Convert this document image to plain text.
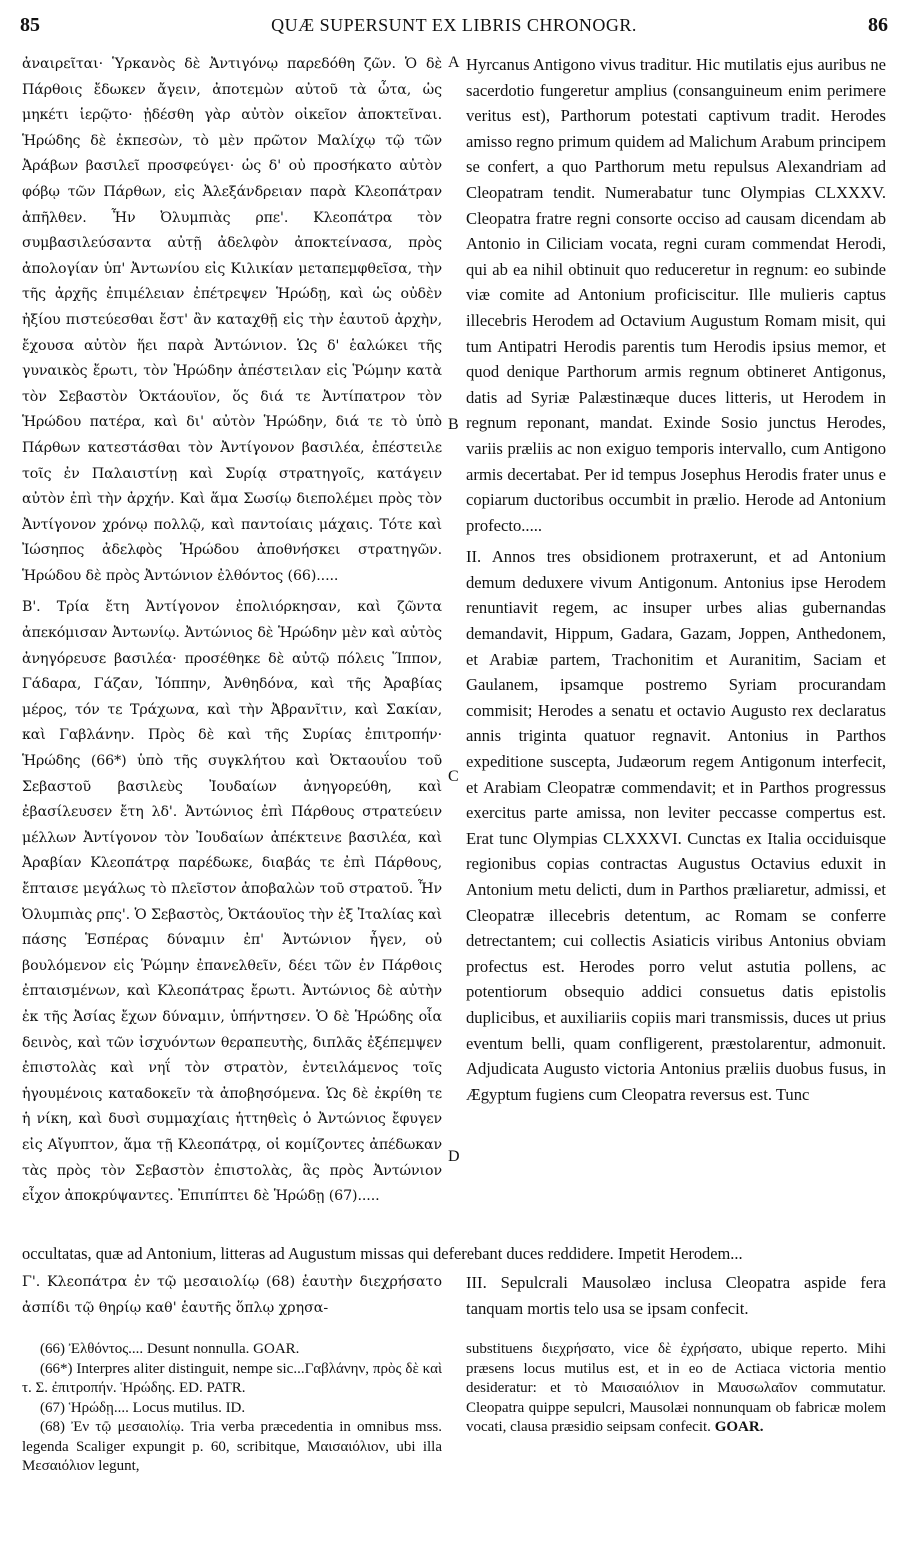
85	QUÆ SUPERSUNT EX LIBRIS CHRONOGR.	86
A
B
C
D

ἀναιρεῖται· Ὑρκανὸς δὲ Ἀντιγόνῳ παρεδόθη ζῶν. Ὁ δὲ Πάρθοις ἔδωκεν ἄγειν, ἀποτεμὼν αὐτοῦ τὰ ὦτα, ὡς μηκέτι ἱερῷτο· ᾐδέσθη γὰρ αὐτὸν οἰκεῖον ἀποκτεῖναι. Ἡρώδης δὲ ἐκπεσὼν, τὸ μὲν πρῶτον Μαλίχῳ τῷ τῶν Ἀράβων βασιλεῖ προσφεύγει· ὡς δ' οὐ προσήκατο αὐτὸν φόβῳ τῶν Πάρθων, εἰς Ἀλεξάνδρειαν παρὰ Κλεοπάτραν ἀπῆλθεν. Ἦν Ὀλυμπιὰς ρπε'. Κλεοπάτρα τὸν συμβασιλεύσαντα αὐτῇ ἀδελφὸν ἀποκτείνασα, πρὸς ἀπολογίαν ὑπ' Ἀντωνίου εἰς Κιλικίαν μεταπεμφθεῖσα, τὴν τῆς ἀρχῆς ἐπιμέλειαν ἐπέτρεψεν Ἡρώδῃ, καὶ ὡς οὐδὲν ἠξίου πιστεύεσθαι ἔστ' ἂν καταχθῇ εἰς τὴν ἑαυτοῦ ἀρχὴν, ἔχουσα αὐτὸν ἥει παρὰ Ἀντώνιον. Ὡς δ' ἑαλώκει τῆς γυναικὸς ἔρωτι, τὸν Ἡρώδην ἀπέστειλαν εἰς Ῥώμην κατὰ τὸν Σεβαστὸν Ὀκτάουϊον, ὅς διά τε Ἀντίπατρον τὸν Ἡρώδου πατέρα, καὶ δι' αὐτὸν Ἡρώδην, διά τε τὸ ὑπὸ Πάρθων κατεστάσθαι τὸν Ἀντίγονον βασιλέα, ἐπέστειλε τοῖς ἐν Παλαιστίνῃ καὶ Συρίᾳ στρατηγοῖς, κατάγειν αὐτὸν ἐπὶ τὴν ἀρχήν. Καὶ ἅμα Σωσίῳ διεπολέμει πρὸς τὸν Ἀντίγονον χρόνῳ πολλῷ, καὶ παντοίαις μάχαις. Τότε καὶ Ἰώσηπος ἀδελφὸς Ἡρώδου ἀποθνήσκει στρατηγῶν. Ἡρώδου δὲ πρὸς Ἀντώνιον ἐλθόντος (66).....

Β'. Τρία ἔτη Ἀντίγονον ἐπολιόρκησαν, καὶ ζῶντα ἀπεκόμισαν Ἀντωνίῳ. Ἀντώνιος δὲ Ἡρώδην μὲν καὶ αὐτὸς ἀνηγόρευσε βασιλέα· προσέθηκε δὲ αὐτῷ πόλεις Ἵππον, Γάδαρα, Γάζαν, Ἰόππην, Ἀνθηδόνα, καὶ τῆς Ἀραβίας μέρος, τόν τε Τράχωνα, καὶ τὴν Ἀβρανῖτιν, καὶ Σακίαν, καὶ Γαβλάνην. Πρὸς δὲ καὶ τῆς Συρίας ἐπιτροπήν· Ἡρώδης (66*) ὑπὸ τῆς συγκλήτου καὶ Ὀκταουΐου τοῦ Σεβαστοῦ βασιλεὺς Ἰουδαίων ἀνηγορεύθη, καὶ ἐβασίλευσεν ἔτη λδ'. Ἀντώνιος ἐπὶ Πάρθους στρατεύειν μέλλων Ἀντίγονον τὸν Ἰουδαίων ἀπέκτεινε βασιλέα, καὶ Ἀραβίαν Κλεοπάτρᾳ παρέδωκε, διαβάς τε ἐπὶ Πάρθους, ἔπταισε μεγάλως τὸ πλεῖστον ἀποβαλὼν τοῦ στρατοῦ. Ἦν Ὀλυμπιὰς ρπς'. Ὁ Σεβαστὸς, Ὀκτάουϊος τὴν ἐξ Ἰταλίας καὶ πάσης Ἑσπέρας δύναμιν ἐπ' Ἀντώνιον ἦγεν, οὐ βουλόμενον εἰς Ῥώμην ἐπανελθεῖν, δέει τῶν ἐν Πάρθοις ἐπταισμένων, καὶ Κλεοπάτρας ἔρωτι. Ἀντώνιος δὲ αὐτὴν ἐκ τῆς Ἀσίας ἔχων δύναμιν, ὑπήντησεν. Ὁ δὲ Ἡρώδης οἷα δεινὸς, καὶ τῶν ἰσχυόντων θεραπευτὴς, διπλᾶς ἐξέπεμψεν ἐπιστολὰς καὶ νηΐ τὸν στρατὸν, ἐντειλάμενος τοῖς ἡγουμένοις καταδοκεῖν τὰ ἀποβησόμενα. Ὡς δὲ ἐκρίθη τε ἡ νίκη, καὶ δυσὶ συμμαχίαις ἡττηθεὶς ὁ Ἀντώνιος ἔφυγεν εἰς Αἴγυπτον, ἅμα τῇ Κλεοπάτρᾳ, οἱ κομίζοντες ἀπέδωκαν τὰς πρὸς τὸν Σεβαστὸν ἐπιστολὰς, ἃς πρὸς Ἀντώνιον εἶχον ἀποκρύψαντες. Ἐπιπίπτει δὲ Ἡρώδῃ (67).....

Hyrcanus Antigono vivus traditur. Hic mutilatis ejus auribus ne sacerdotio fungeretur amplius (consanguineum enim perimere veritus est), Parthorum potestati captivum tradit. Herodes amisso regno primum quidem ad Malichum Arabum principem se confert, a quo Parthorum metu repulsus Alexandriam ad Cleopatram tendit. Numerabatur tunc Olympias CLXXXV. Cleopatra fratre regni consorte occiso ad causam dicendam ab Antonio in Ciliciam vocata, regni curam commendat Herodi, qui ab ea nihil obtinuit quo reduceretur in regnum: eo subinde viæ comite ad Antonium proficiscitur. Ille mulieris captus illecebris Herodem ad Octavium Augustum Romam misit, qui tum Antipatri Herodis parentis tum Herodis ipsius memor, et quod denique Parthorum armis regnum obtineret Antigonus, datis ad Syriæ Palæstinæque duces litteris, ut Herodem in regnum reponant, mandat. Exinde Sosio junctus Herodes, variis præliis ac non exiguo temporis intervallo, cum Antigono armis decertabat. Per id tempus Josephus Herodis frater unus e copiarum ductoribus occumbit in prælio. Herode ad Antonium profecto.....

II. Annos tres obsidionem protraxerunt, et ad Antonium demum deduxere vivum Antigonum. Antonius ipse Herodem renuntiavit regem, ac insuper urbes alias gubernandas demandavit, Hippum, Gadara, Gazam, Joppen, Anthedonem, et Arabiæ partem, Trachonitim et Auranitim, Saciam et Gaulanem, ipsamque postremo Syriam procurandam commisit; Herodes a senatu et octavio Augusto rex declaratus annis triginta quatuor regnavit. Antonius in Parthos expeditione suscepta, Judæorum regem Antigonum interfecit, et Arabiam Cleopatræ commendavit; et in Parthos progressus exercitus parte amissa, non leviter peccasse compertus est. Erat tunc Olympias CLXXXVI. Cunctas ex Italia occiduisque regionibus copias contractas Augustus Octavius eduxit in Antonium metu delicti, dum in Parthos præliaretur, admissi, et Cleopatræ illecebris detentum, ac Romam se conferre detrectantem; cui collectis Asiaticis viribus Antonius obviam profectus est. Herodes porro velut astutia pollens, ac potentiorum obsequio addici consuetus datis epistolis duplicibus, et auxiliariis copiis mari transmissis, duces ut prius eventum belli, quam confligerent, præstolarentur, admonuit. Adjudicata Augusto victoria Antonius præliis duobus fusus, in Ægyptum fugiens cum Cleopatra reversus est. Tunc

occultatas, quæ ad Antonium, litteras ad Augustum missas qui deferebant duces reddidere. Impetit Herodem...

Γ'. Κλεοπάτρα ἐν τῷ μεσαιολίῳ (68) ἑαυτὴν διεχρήσατο ἀσπίδι τῷ θηρίῳ καθ' ἑαυτῆς ὅπλῳ χρησα-

III. Sepulcrali Mausolæo inclusa Cleopatra aspide fera tanquam mortis telo usa se ipsam confecit.

(66) Ἐλθόντος.... Desunt nonnulla. GOAR.

(66*) Interpres aliter distinguit, nempe sic...Γαβλάνην, πρὸς δὲ καὶ τ. Σ. ἐπιτροπήν. Ἡρώδης. ED. PATR.

(67) Ἡρώδῃ.... Locus mutilus. ID.

(68) Ἐν τῷ μεσαιολίῳ. Tria verba præcedentia in omnibus mss. legenda Scaliger expungit p. 60, scribitque, Μαισαιόλιον, ubi illa Μεσαιόλιον legunt,

substituens διεχρήσατο, vice δὲ ἐχρήσατο, ubique reperto. Mihi præsens locus mutilus est, et in eo de Actiaca victoria mentio desideratur: et τὸ Μαισαιόλιον in Μαυσωλαῖον commutatur. Cleopatra quippe sepulcri, Mausolæi nonnunquam ob fabricæ molem vocati, clausa præsidio seipsam confecit. GOAR.
